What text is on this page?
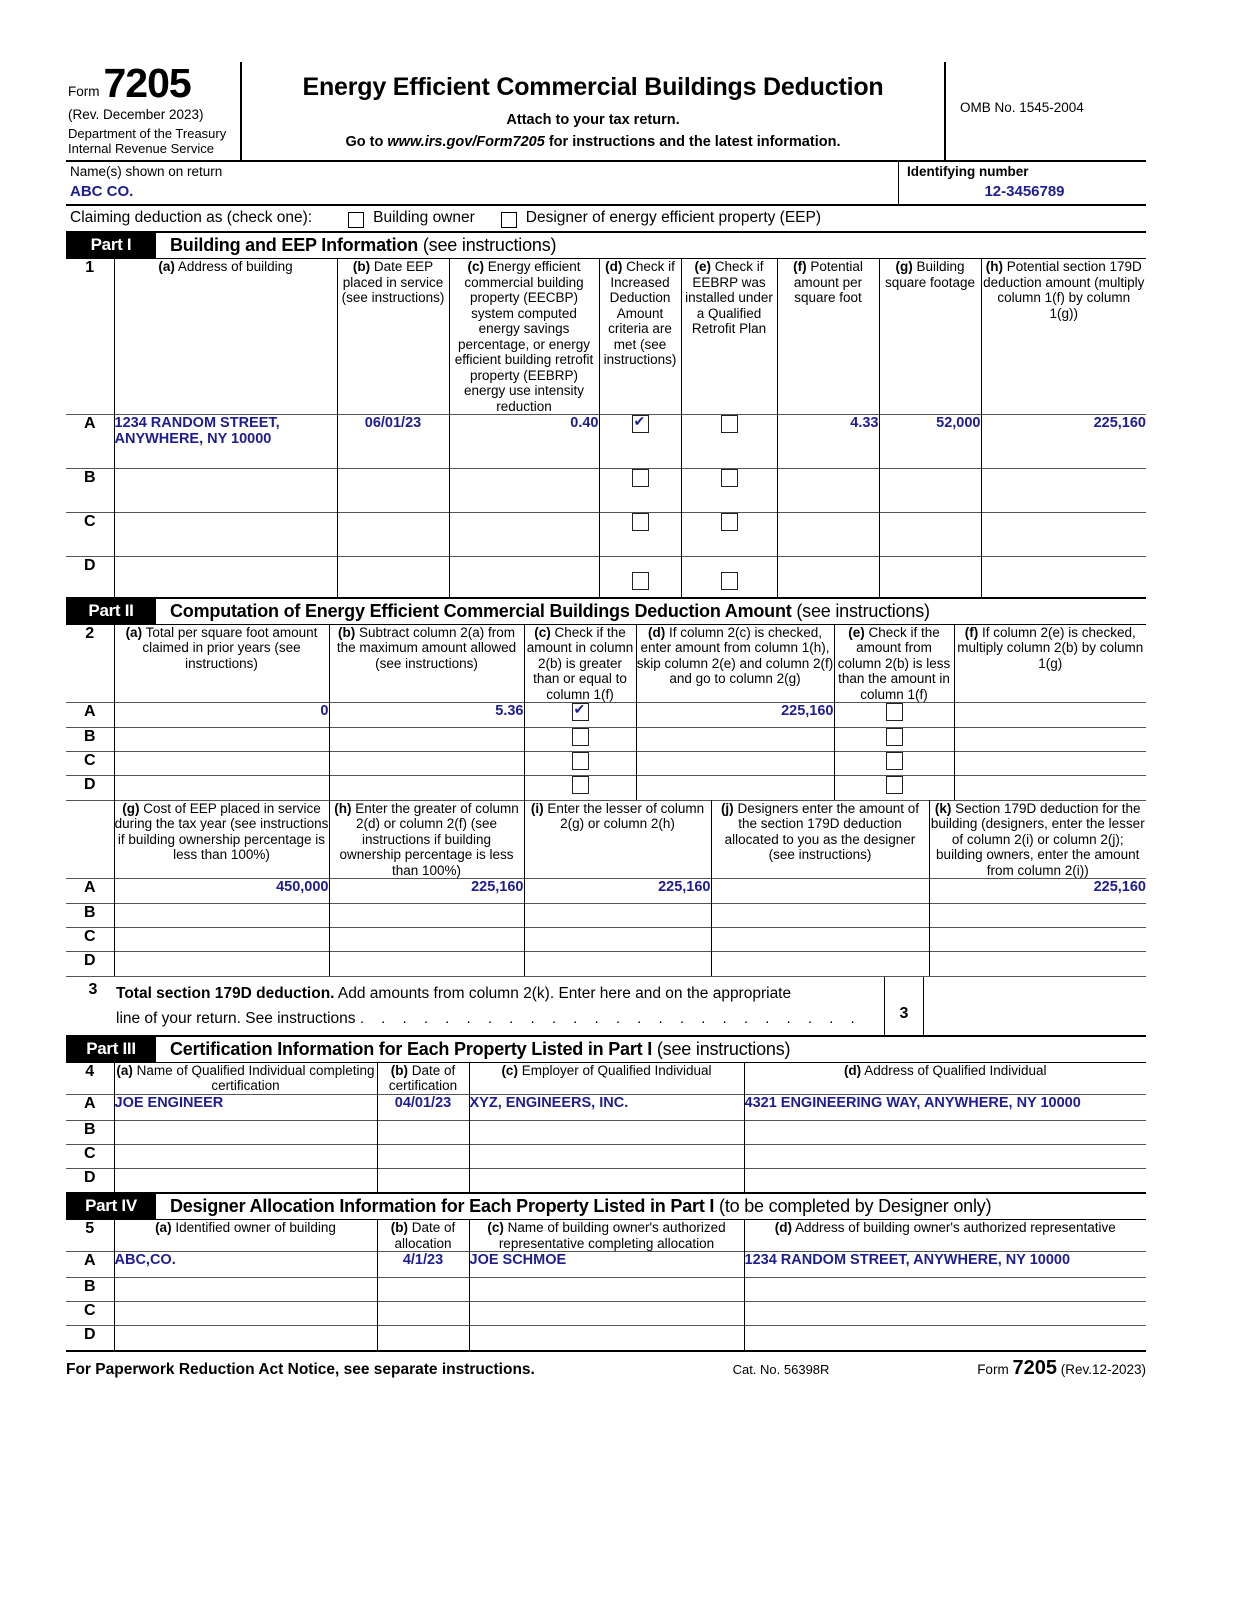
Form 7205
(Rev. December 2023)
Department of the Treasury
Internal Revenue Service
Energy Efficient Commercial Buildings Deduction
Attach to your tax return.
Go to www.irs.gov/Form7205 for instructions and the latest information.
OMB No. 1545-2004
Name(s) shown on return
ABC CO.
Identifying number
12-3456789
Claiming deduction as (check one):	Building owner	Designer of energy efficient property (EEP)
Part I	Building and EEP Information (see instructions)
1	(a) Address of building	(b) Date EEP placed in service (see instructions)	(c) Energy efficient commercial building property (EECBP) system computed energy savings percentage, or energy efficient building retrofit property (EEBRP) energy use intensity reduction	(d) Check if Increased Deduction Amount criteria are met (see instructions)	(e) Check if EEBRP was installed under a Qualified Retrofit Plan	(f) Potential amount per square foot	(g) Building square footage	(h) Potential section 179D deduction amount (multiply column 1(f) by column 1(g))
A	1234 RANDOM STREET, ANYWHERE, NY 10000	06/01/23	0.40	✔		4.33	52,000	225,160
B								
C								
D								
Part II	Computation of Energy Efficient Commercial Buildings Deduction Amount (see instructions)
2	(a) Total per square foot amount claimed in prior years (see instructions)	(b) Subtract column 2(a) from the maximum amount allowed (see instructions)	(c) Check if the amount in column 2(b) is greater than or equal to column 1(f)	(d) If column 2(c) is checked, enter amount from column 1(h), skip column 2(e) and column 2(f) and go to column 2(g)	(e) Check if the amount from column 2(b) is less than the amount in column 1(f)	(f) If column 2(e) is checked, multiply column 2(b) by column 1(g)
A	0	5.36	✔	225,160		
B						
C						
D						
	(g) Cost of EEP placed in service during the tax year (see instructions if building ownership percentage is less than 100%)	(h) Enter the greater of column 2(d) or column 2(f) (see instructions if building ownership percentage is less than 100%)	(i) Enter the lesser of column 2(g) or column 2(h)	(j) Designers enter the amount of the section 179D deduction allocated to you as the designer (see instructions)	(k) Section 179D deduction for the building (designers, enter the lesser of column 2(i) or column 2(j); building owners, enter the amount from column 2(i))
A	450,000	225,160	225,160		225,160
B					
C					
D					
3	Total section 179D deduction. Add amounts from column 2(k). Enter here and on the appropriate
line of your return. See instructions . . . . . . . . . . . . . . . . . . . . . . . .	3
Part III	Certification Information for Each Property Listed in Part I (see instructions)
4	(a) Name of Qualified Individual completing certification	(b) Date of certification	(c) Employer of Qualified Individual	(d) Address of Qualified Individual
A	JOE ENGINEER	04/01/23	XYZ, ENGINEERS, INC.	4321 ENGINEERING WAY, ANYWHERE, NY 10000
B				
C				
D				
Part IV	Designer Allocation Information for Each Property Listed in Part I (to be completed by Designer only)
5	(a) Identified owner of building	(b) Date of allocation	(c) Name of building owner's authorized representative completing allocation	(d) Address of building owner's authorized representative
A	ABC,CO.	4/1/23	JOE SCHMOE	1234 RANDOM STREET, ANYWHERE, NY 10000
B				
C				
D				
For Paperwork Reduction Act Notice, see separate instructions.	Cat. No. 56398R	Form 7205 (Rev.12-2023)
